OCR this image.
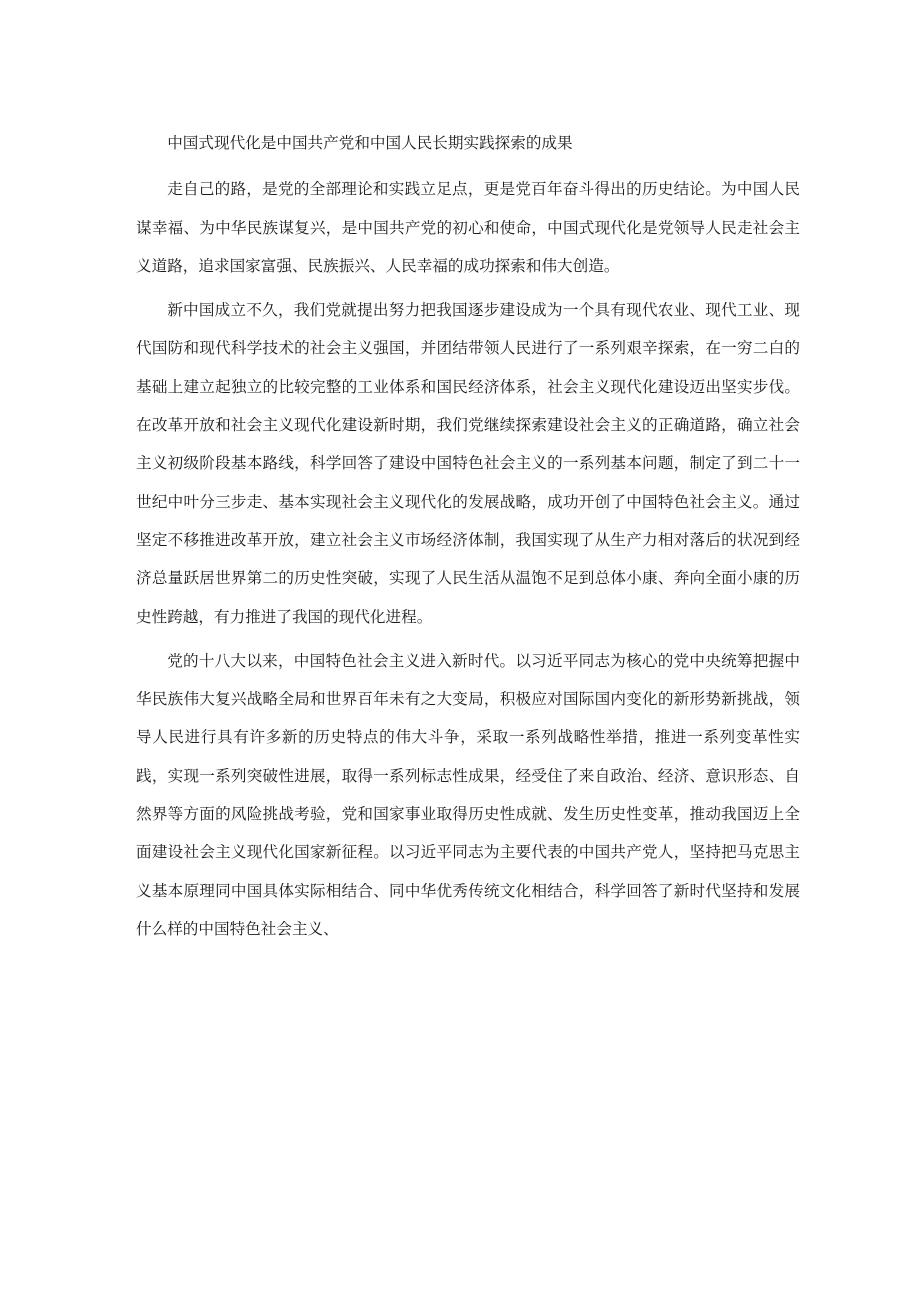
中国式现代化是中国共产党和中国人民长期实践探索的成果

走自己的路，是党的全部理论和实践立足点，更是党百年奋斗得出的历史结论。为中国人民谋幸福、为中华民族谋复兴，是中国共产党的初心和使命，中国式现代化是党领导人民走社会主义道路，追求国家富强、民族振兴、人民幸福的成功探索和伟大创造。

新中国成立不久，我们党就提出努力把我国逐步建设成为一个具有现代农业、现代工业、现代国防和现代科学技术的社会主义强国，并团结带领人民进行了一系列艰辛探索，在一穷二白的基础上建立起独立的比较完整的工业体系和国民经济体系，社会主义现代化建设迈出坚实步伐。在改革开放和社会主义现代化建设新时期，我们党继续探索建设社会主义的正确道路，确立社会主义初级阶段基本路线，科学回答了建设中国特色社会主义的一系列基本问题，制定了到二十一世纪中叶分三步走、基本实现社会主义现代化的发展战略，成功开创了中国特色社会主义。通过坚定不移推进改革开放，建立社会主义市场经济体制，我国实现了从生产力相对落后的状况到经济总量跃居世界第二的历史性突破，实现了人民生活从温饱不足到总体小康、奔向全面小康的历史性跨越，有力推进了我国的现代化进程。

党的十八大以来，中国特色社会主义进入新时代。以习近平同志为核心的党中央统筹把握中华民族伟大复兴战略全局和世界百年未有之大变局，积极应对国际国内变化的新形势新挑战，领导人民进行具有许多新的历史特点的伟大斗争，采取一系列战略性举措，推进一系列变革性实践，实现一系列突破性进展，取得一系列标志性成果，经受住了来自政治、经济、意识形态、自然界等方面的风险挑战考验，党和国家事业取得历史性成就、发生历史性变革，推动我国迈上全面建设社会主义现代化国家新征程。以习近平同志为主要代表的中国共产党人，坚持把马克思主义基本原理同中国具体实际相结合、同中华优秀传统文化相结合，科学回答了新时代坚持和发展什么样的中国特色社会主义、
